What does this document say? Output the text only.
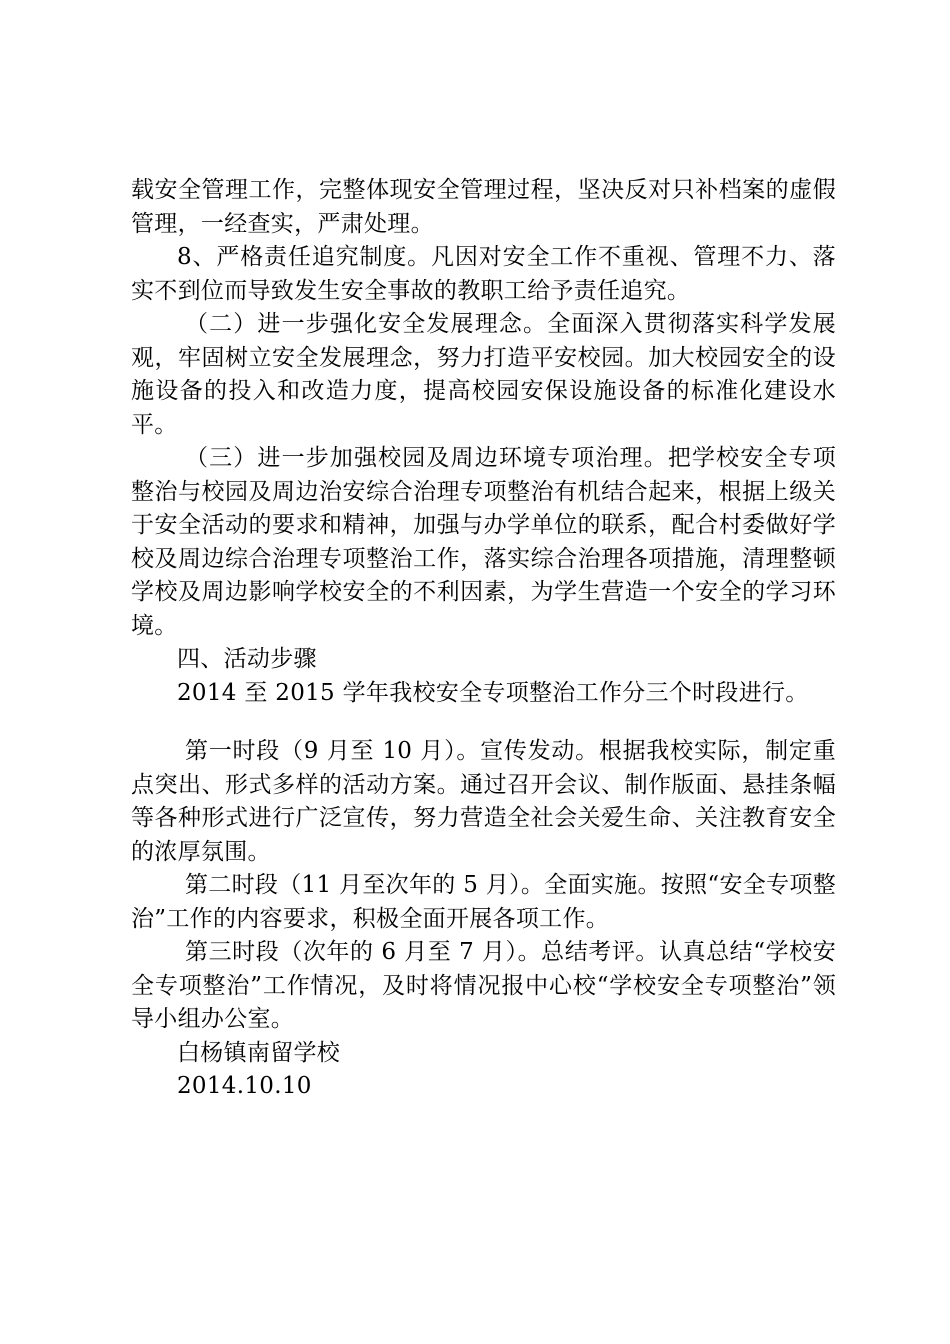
载安全管理工作，完整体现安全管理过程，坚决反对只补档案的虚假管理，一经查实，严肃处理。

8、严格责任追究制度。凡因对安全工作不重视、管理不力、落实不到位而导致发生安全事故的教职工给予责任追究。

（二）进一步强化安全发展理念。全面深入贯彻落实科学发展观，牢固树立安全发展理念，努力打造平安校园。加大校园安全的设施设备的投入和改造力度，提高校园安保设施设备的标准化建设水平。

（三）进一步加强校园及周边环境专项治理。把学校安全专项整治与校园及周边治安综合治理专项整治有机结合起来，根据上级关于安全活动的要求和精神，加强与办学单位的联系，配合村委做好学校及周边综合治理专项整治工作，落实综合治理各项措施，清理整顿学校及周边影响学校安全的不利因素，为学生营造一个安全的学习环境。

四、活动步骤

2014 至 2015 学年我校安全专项整治工作分三个时段进行。

第一时段（9 月至 10 月）。宣传发动。根据我校实际，制定重点突出、形式多样的活动方案。通过召开会议、制作版面、悬挂条幅等各种形式进行广泛宣传，努力营造全社会关爱生命、关注教育安全的浓厚氛围。

第二时段（11 月至次年的 5 月）。全面实施。按照“安全专项整治”工作的内容要求，积极全面开展各项工作。

第三时段（次年的 6 月至 7 月）。总结考评。认真总结“学校安全专项整治”工作情况，及时将情况报中心校“学校安全专项整治”领导小组办公室。

白杨镇南留学校

2014.10.10
